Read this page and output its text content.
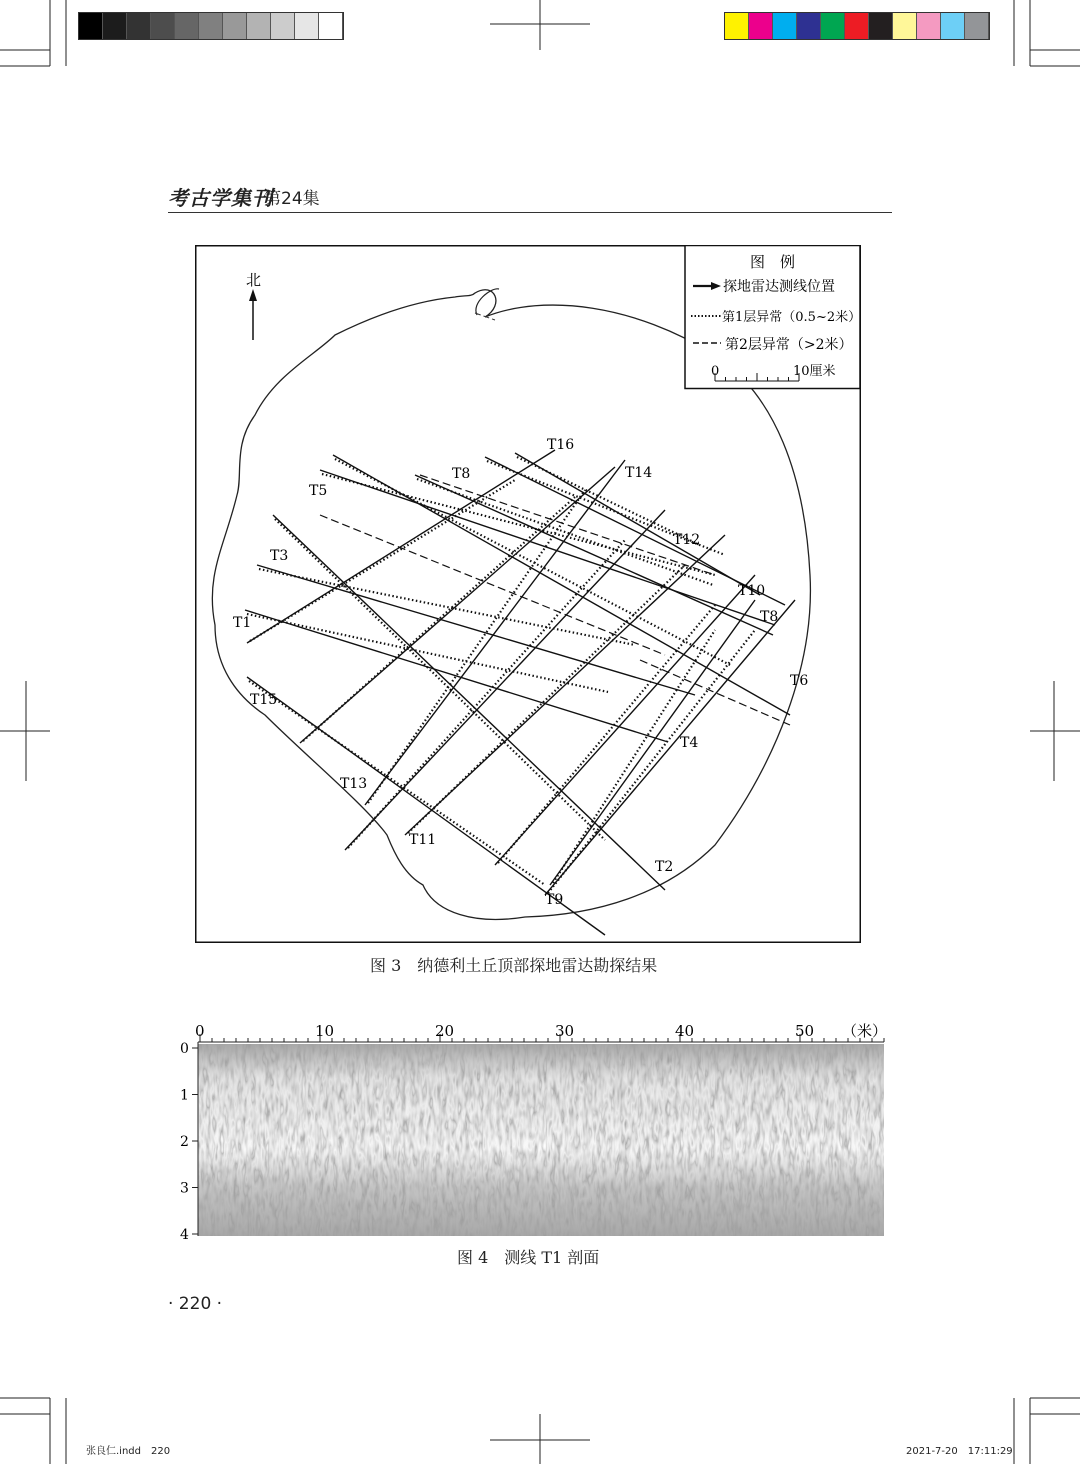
考古学集刊
第24集
北
图　例
探地雷达测线位置
第1层异常（0.5~2米）
第2层异常（>2米）
0	10厘米
T1
T2
T3
T4
T5
T6
T8
T8
T9
T10
T11
T12
T13
T14
T15
T16
图 3　纳德利土丘顶部探地雷达勘探结果
0	10	20	30	40	50
0
1
2
3
4
（米）
图 4　测线 T1 剖面
· 220 ·
张良仁.indd　220	2021-7-20　17:11:29
